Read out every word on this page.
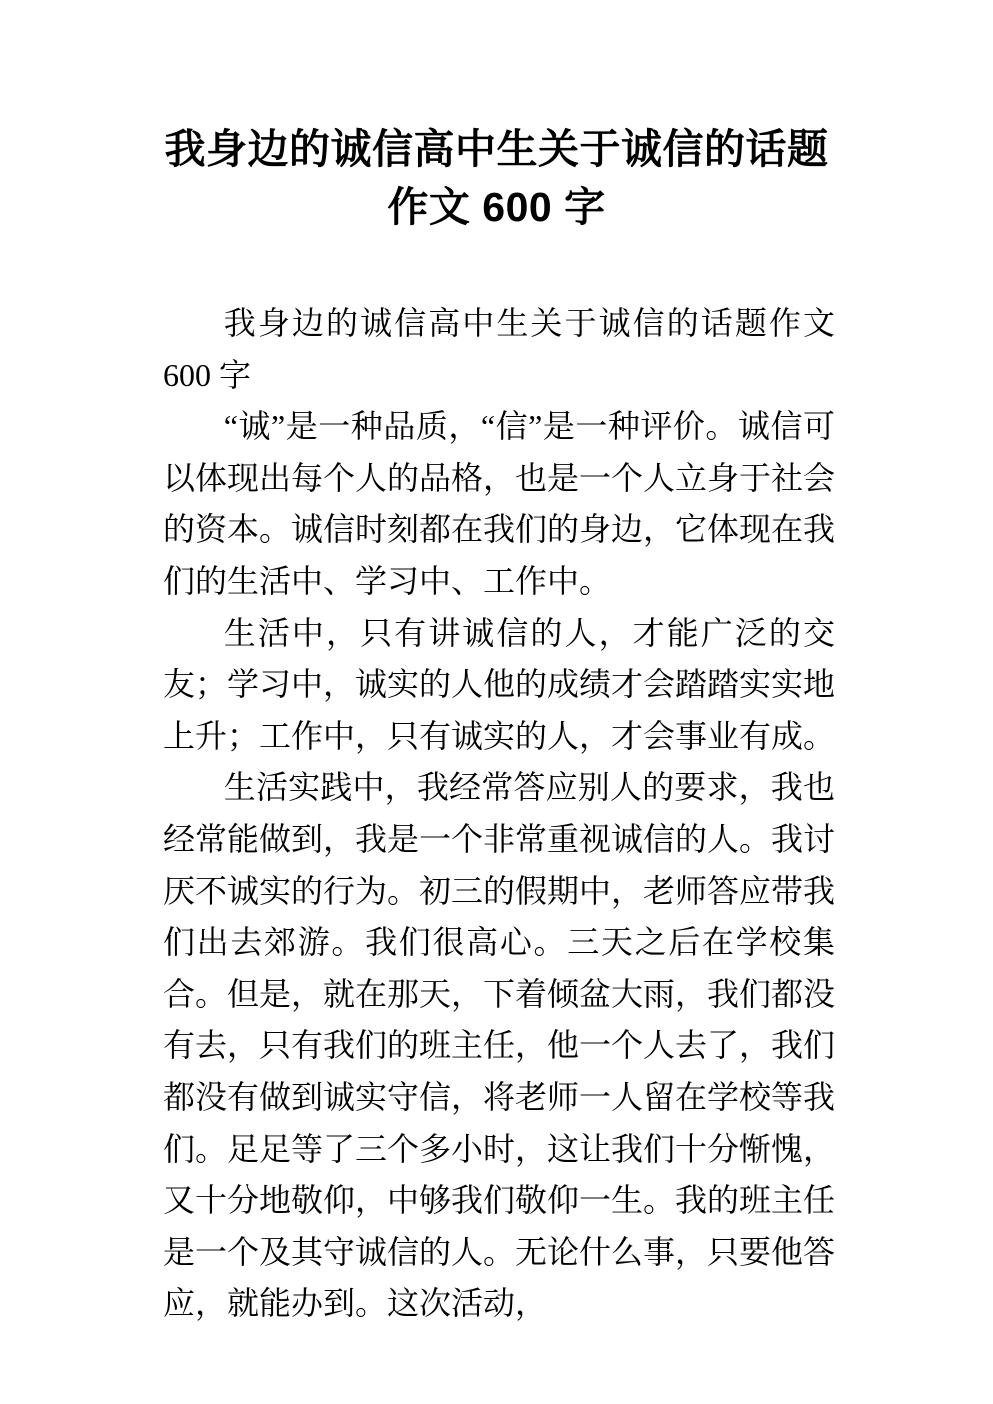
我身边的诚信高中生关于诚信的话题
作文 600 字

我身边的诚信高中生关于诚信的话题作文 600 字

“诚”是一种品质，“信”是一种评价。诚信可以体现出每个人的品格，也是一个人立身于社会的资本。诚信时刻都在我们的身边，它体现在我们的生活中、学习中、工作中。

生活中，只有讲诚信的人，才能广泛的交友；学习中，诚实的人他的成绩才会踏踏实实地上升；工作中，只有诚实的人，才会事业有成。

生活实践中，我经常答应别人的要求，我也经常能做到，我是一个非常重视诚信的人。我讨厌不诚实的行为。初三的假期中，老师答应带我们出去郊游。我们很高心。三天之后在学校集合。但是，就在那天，下着倾盆大雨，我们都没有去，只有我们的班主任，他一个人去了，我们都没有做到诚实守信，将老师一人留在学校等我们。足足等了三个多小时，这让我们十分惭愧，又十分地敬仰，中够我们敬仰一生。我的班主任是一个及其守诚信的人。无论什么事，只要他答应，就能办到。这次活动，
